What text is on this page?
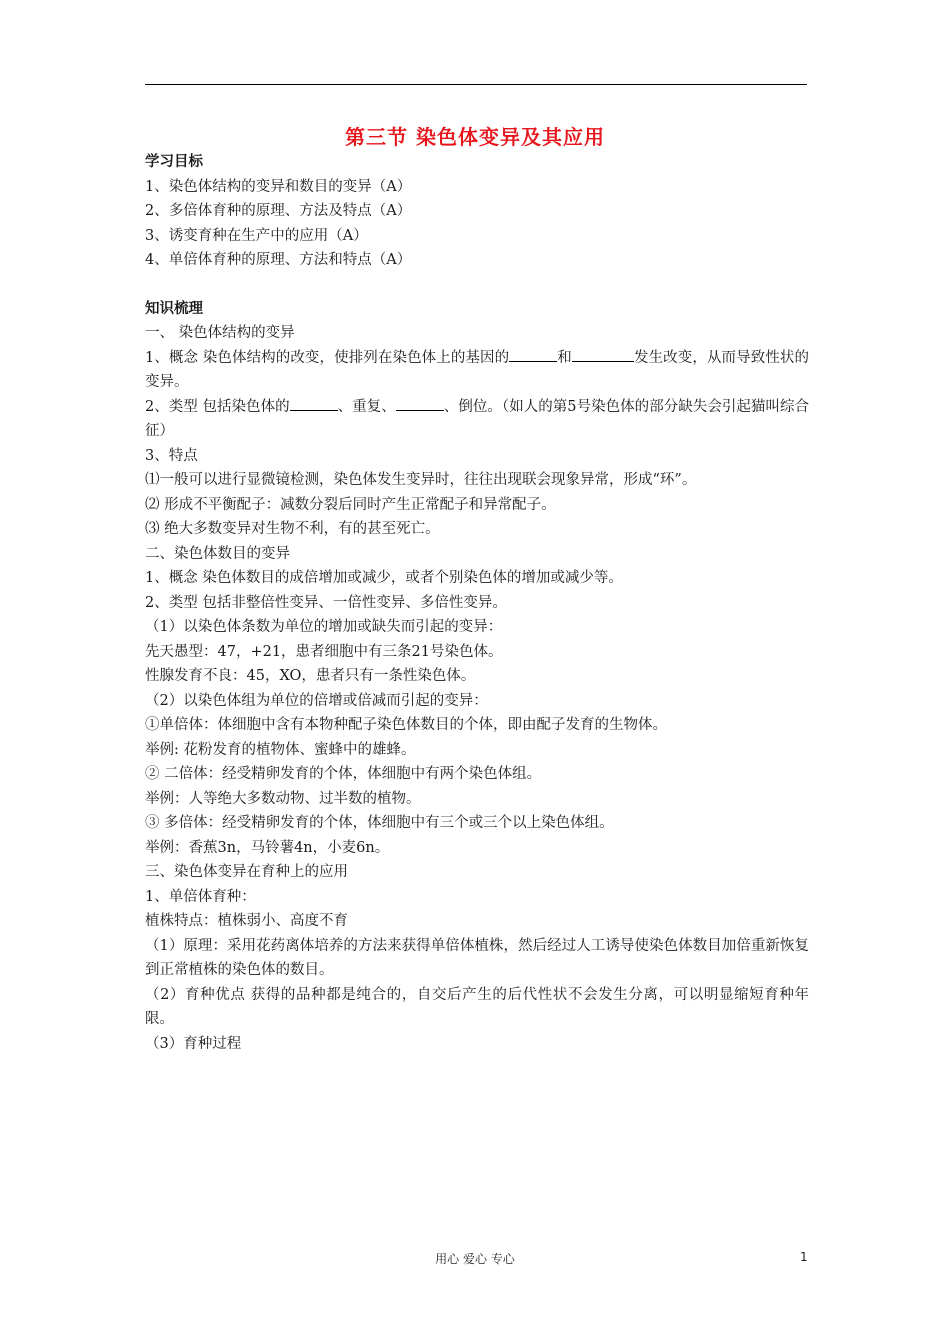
第三节 染色体变异及其应用
学习目标
1、染色体结构的变异和数目的变异（A）
2、多倍体育种的原理、方法及特点（A）
3、诱变育种在生产中的应用（A）
4、单倍体育种的原理、方法和特点（A）
知识梳理
一、 染色体结构的变异
1、概念 染色体结构的改变，使排列在染色体上的基因的	和	发生改变，从而导致性状的变异。
2、类型 包括染色体的	、重复、	、倒位。（如人的第5号染色体的部分缺失会引起猫叫综合征）
3、特点
⑴一般可以进行显微镜检测，染色体发生变异时，往往出现联会现象异常，形成“环”。
⑵ 形成不平衡配子：减数分裂后同时产生正常配子和异常配子。
⑶ 绝大多数变异对生物不利，有的甚至死亡。
二、染色体数目的变异
1、概念 染色体数目的成倍增加或减少，或者个别染色体的增加或减少等。
2、类型 包括非整倍性变异、一倍性变异、多倍性变异。
（1）以染色体条数为单位的增加或缺失而引起的变异：
先天愚型：47，+21，患者细胞中有三条21号染色体。
性腺发育不良：45，XO，患者只有一条性染色体。
（2）以染色体组为单位的倍增或倍减而引起的变异：
①单倍体：体细胞中含有本物种配子染色体数目的个体，即由配子发育的生物体。
举例: 花粉发育的植物体、蜜蜂中的雄蜂。
② 二倍体：经受精卵发育的个体，体细胞中有两个染色体组。
举例：人等绝大多数动物、过半数的植物。
③ 多倍体：经受精卵发育的个体，体细胞中有三个或三个以上染色体组。
举例：香蕉3n，马铃薯4n，小麦6n。
三、染色体变异在育种上的应用
1、单倍体育种：
植株特点：植株弱小、高度不育
（1）原理：采用花药离体培养的方法来获得单倍体植株，然后经过人工诱导使染色体数目加倍重新恢复到正常植株的染色体的数目。
（2）育种优点 获得的品种都是纯合的，自交后产生的后代性状不会发生分离，可以明显缩短育种年限。
（3）育种过程
用心 爱心 专心	1
